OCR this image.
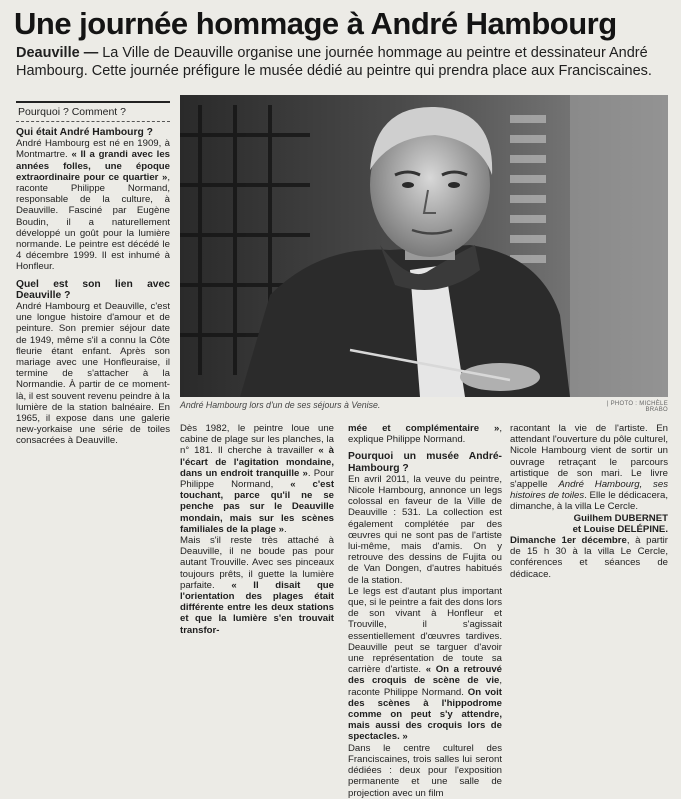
Une journée hommage à André Hambourg
Deauville — La Ville de Deauville organise une journée hommage au peintre et dessinateur André Hambourg. Cette journée préfigure le musée dédié au peintre qui prendra place aux Franciscaines.
Pourquoi ? Comment ?

Qui était André Hambourg ?

André Hambourg est né en 1909, à Montmartre. « Il a grandi avec les années folles, une époque extraordinaire pour ce quartier », raconte Philippe Normand, responsable de la culture, à Deauville. Fasciné par Eugène Boudin, il a naturellement développé un goût pour la lumière normande. Le peintre est décédé le 4 décembre 1999. Il est inhumé à Honfleur.

Quel est son lien avec Deauville ?

André Hambourg et Deauville, c'est une longue histoire d'amour et de peinture. Son premier séjour date de 1949, même s'il a connu la Côte fleurie étant enfant. Après son mariage avec une Honfleuraise, il termine de s'attacher à la Normandie. À partir de ce moment-là, il est souvent revenu peindre à la lumière de la station balnéaire. En 1965, il expose dans une galerie new-yorkaise une série de toiles consacrées à Deauville.

André Hambourg lors d'un de ses séjours à Venise.	| PHOTO : MICHÈLE BRABO

Dès 1982, le peintre loue une cabine de plage sur les planches, la n° 181. Il cherche à travailler « à l'écart de l'agitation mondaine, dans un endroit tranquille ». Pour Philippe Normand, « c'est touchant, parce qu'il ne se penche pas sur le Deauville mondain, mais sur les scènes familiales de la plage ».

Mais s'il reste très attaché à Deauville, il ne boude pas pour autant Trouville. Avec ses pinceaux toujours prêts, il guette la lumière parfaite. « Il disait que l'orientation des plages était différente entre les deux stations et que la lumière s'en trouvait transfor-

mée et complémentaire », explique Philippe Normand.

Pourquoi un musée André-Hambourg ?

En avril 2011, la veuve du peintre, Nicole Hambourg, annonce un legs colossal en faveur de la Ville de Deauville : 531. La collection est également complétée par des œuvres qui ne sont pas de l'artiste lui-même, mais d'amis. On y retrouve des dessins de Fujita ou de Van Dongen, d'autres habitués de la station.

Le legs est d'autant plus important que, si le peintre a fait des dons lors de son vivant à Honfleur et Trouville, il s'agissait essentiellement d'œuvres tardives. Deauville peut se targuer d'avoir une représentation de toute sa carrière d'artiste. « On a retrouvé des croquis de scène de vie, raconte Philippe Normand. On voit des scènes à l'hippodrome comme on peut s'y attendre, mais aussi des croquis lors de spectacles. »

Dans le centre culturel des Franciscaines, trois salles lui seront dédiées : deux pour l'exposition permanente et une salle de projection avec un film

racontant la vie de l'artiste. En attendant l'ouverture du pôle culturel, Nicole Hambourg vient de sortir un ouvrage retraçant le parcours artistique de son mari. Le livre s'appelle André Hambourg, ses histoires de toiles. Elle le dédicacera, dimanche, à la villa Le Cercle.

Guilhem DUBERNET
et Louise DELÉPINE.

Dimanche 1er décembre, à partir de 15 h 30 à la villa Le Cercle, conférences et séances de dédicace.
